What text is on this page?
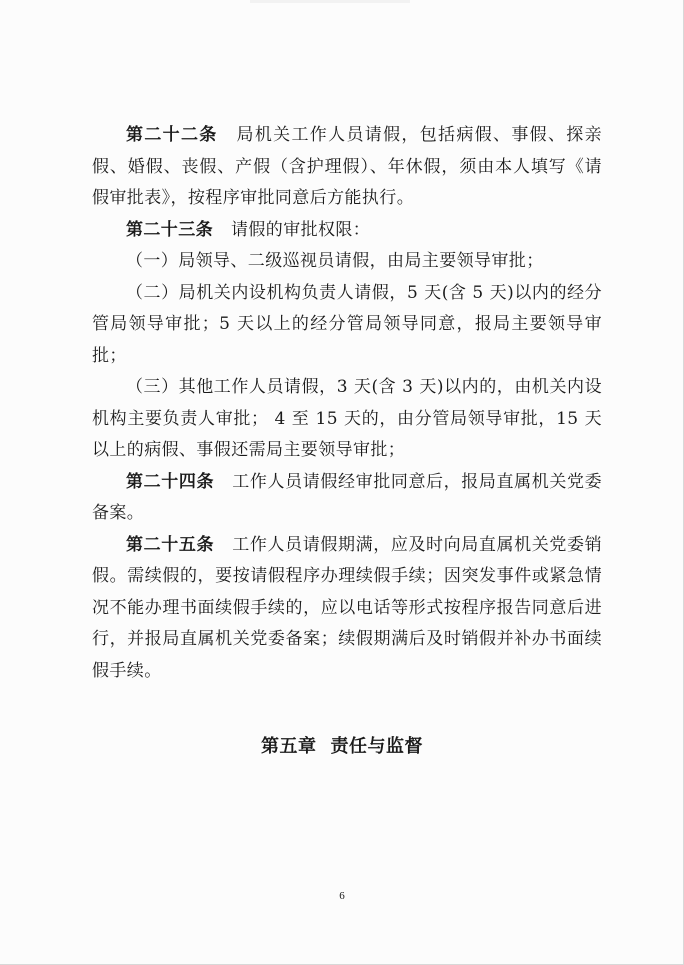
第二十二条 局机关工作人员请假，包括病假、事假、探亲假、婚假、丧假、产假（含护理假）、年休假，须由本人填写《请假审批表》，按程序审批同意后方能执行。

第二十三条 请假的审批权限：

（一）局领导、二级巡视员请假，由局主要领导审批；

（二）局机关内设机构负责人请假，5 天(含 5 天)以内的经分管局领导审批；5 天以上的经分管局领导同意，报局主要领导审批；

（三）其他工作人员请假，3 天(含 3 天)以内的，由机关内设机构主要负责人审批； 4 至 15 天的，由分管局领导审批，15 天以上的病假、事假还需局主要领导审批；

第二十四条 工作人员请假经审批同意后，报局直属机关党委备案。

第二十五条 工作人员请假期满，应及时向局直属机关党委销假。需续假的，要按请假程序办理续假手续；因突发事件或紧急情况不能办理书面续假手续的，应以电话等形式按程序报告同意后进行，并报局直属机关党委备案；续假期满后及时销假并补办书面续假手续。

第五章 责任与监督
6
